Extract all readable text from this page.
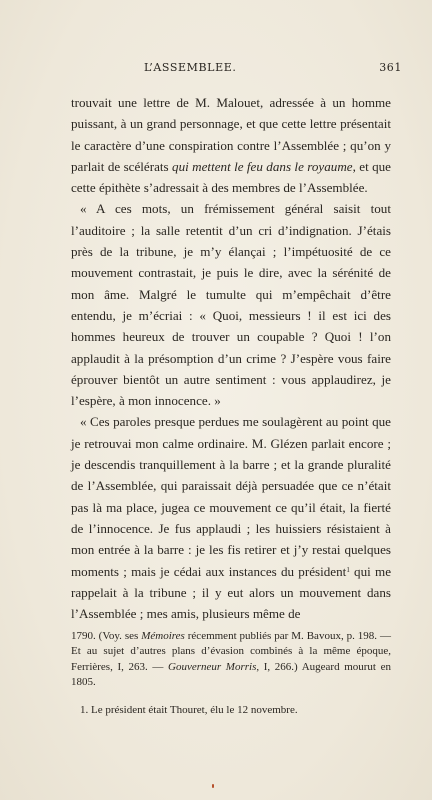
L’ASSEMBLEE.	361

trouvait une lettre de M. Malouet, adressée à un homme puissant, à un grand personnage, et que cette lettre présentait le caractère d’une conspiration contre l’Assemblée ; qu’on y parlait de scélérats qui mettent le feu dans le royaume, et que cette épithète s’adressait à des membres de l’Assemblée.

« A ces mots, un frémissement général saisit tout l’auditoire ; la salle retentit d’un cri d’indignation. J’étais près de la tribune, je m’y élançai ; l’impétuosité de ce mouvement contrastait, je puis le dire, avec la sérénité de mon âme. Malgré le tumulte qui m’empêchait d’être entendu, je m’écriai : « Quoi, messieurs ! il est ici des hommes heureux de trouver un coupable ? Quoi ! l’on applaudit à la présomption d’un crime ? J’espère vous faire éprouver bientôt un autre sentiment : vous applaudirez, je l’espère, à mon innocence. »

« Ces paroles presque perdues me soulagèrent au point que je retrouvai mon calme ordinaire. M. Glézen parlait encore ; je descendis tranquillement à la barre ; et la grande pluralité de l’Assemblée, qui paraissait déjà persuadée que ce n’était pas là ma place, jugea ce mouvement ce qu’il était, la fierté de l’innocence. Je fus applaudi ; les huissiers résistaient à mon entrée à la barre : je les fis retirer et j’y restai quelques moments ; mais je cédai aux instances du président$^1$ qui me rappelait à la tribune ; il y eut alors un mouvement dans l’Assemblée ; mes amis, plusieurs même de

1790. (Voy. ses Mémoires récemment publiés par M. Bavoux, p. 198. — Et au sujet d’autres plans d’évasion combinés à la même époque, Ferrières, I, 263. — Gouverneur Morris, I, 266.) Augeard mourut en 1805.

1. Le président était Thouret, élu le 12 novembre.
